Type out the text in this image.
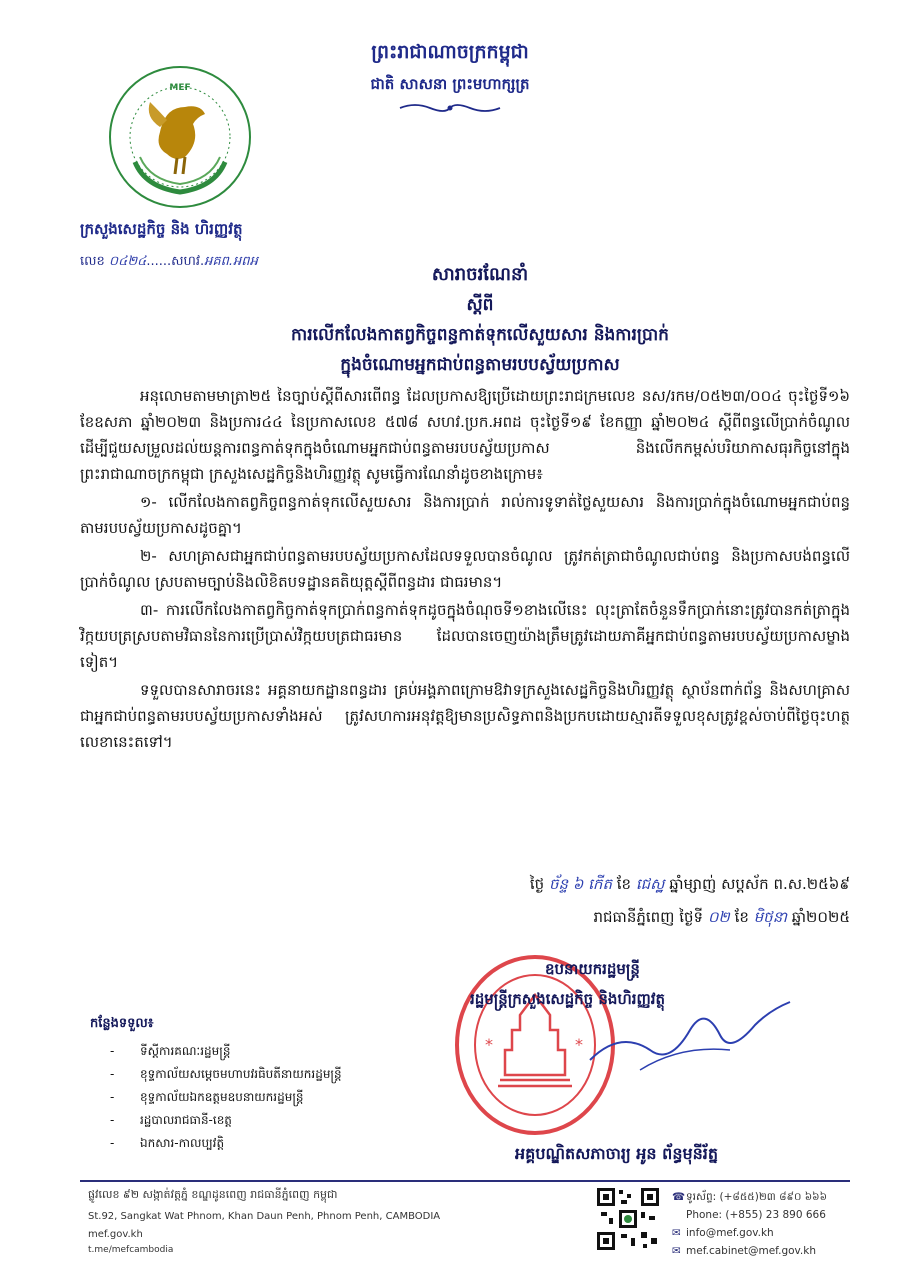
ព្រះរាជាណាចក្រកម្ពុជា
ជាតិ សាសនា ព្រះមហាក្សត្រ
MEF
ក្រសួងសេដ្ឋកិច្ច និង ហិរញ្ញវត្ថុ
លេខ ០៤២៤......សហវ.អគព.អពអ
សារាចរណែនាំ
ស្តីពី
ការលើកលែងកាតព្វកិច្ចពន្ធកាត់ទុកលើសួយសារ និងការប្រាក់
ក្នុងចំណោមអ្នកជាប់ពន្ធតាមរបបស្វ័យប្រកាស

អនុលោមតាមមាត្រា២៥ នៃច្បាប់ស្តីពីសារពើពន្ធ ដែលប្រកាសឱ្យប្រើដោយព្រះរាជក្រមលេខ នស/រកម/០៥២៣/០០៤ ចុះថ្ងៃទី១៦ ខែឧសភា ឆ្នាំ២០២៣ និងប្រការ៤៤ នៃប្រកាសលេខ ៥៧៨ សហវ.ប្រក.អពដ ចុះថ្ងៃទី១៩ ខែកញ្ញា ឆ្នាំ២០២៤ ស្តីពីពន្ធលើប្រាក់ចំណូល ដើម្បីជួយសម្រួលដល់យន្តការពន្ធកាត់ទុកក្នុងចំណោមអ្នកជាប់ពន្ធតាមរបបស្វ័យប្រកាស និងលើកកម្ពស់បរិយាកាសធុរកិច្ចនៅក្នុងព្រះរាជាណាចក្រកម្ពុជា ក្រសួងសេដ្ឋកិច្ចនិងហិរញ្ញវត្ថុ សូមធ្វើការណែនាំដូចខាងក្រោម៖

១- លើកលែងកាតព្វកិច្ចពន្ធកាត់ទុកលើសួយសារ និងការប្រាក់ រាល់ការទូទាត់ថ្លៃសួយសារ និងការប្រាក់ក្នុងចំណោមអ្នកជាប់ពន្ធតាមរបបស្វ័យប្រកាសដូចគ្នា។

២- សហគ្រាសជាអ្នកជាប់ពន្ធតាមរបបស្វ័យប្រកាសដែលទទួលបានចំណូល ត្រូវកត់ត្រាជាចំណូលជាប់ពន្ធ និងប្រកាសបង់ពន្ធលើប្រាក់ចំណូល ស្របតាមច្បាប់និងលិខិតបទដ្ឋានគតិយុត្តស្តីពីពន្ធដារ ជាធរមាន។

៣- ការលើកលែងកាតព្វកិច្ចកាត់ទុកប្រាក់ពន្ធកាត់ទុកដូចក្នុងចំណុចទី១ខាងលើនេះ លុះត្រាតែចំនួនទឹកប្រាក់នោះត្រូវបានកត់ត្រាក្នុងវិក្កយបត្រស្របតាមវិធាននៃការប្រើប្រាស់វិក្កយបត្រជាធរមាន ដែលបានចេញយ៉ាងត្រឹមត្រូវដោយភាគីអ្នកជាប់ពន្ធតាមរបបស្វ័យប្រកាសម្ខាងទៀត។

ទទួលបានសារាចរនេះ អគ្គនាយកដ្ឋានពន្ធដារ គ្រប់អង្គភាពក្រោមឱវាទក្រសួងសេដ្ឋកិច្ចនិងហិរញ្ញវត្ថុ ស្ថាប័នពាក់ព័ន្ធ និងសហគ្រាសជាអ្នកជាប់ពន្ធតាមរបបស្វ័យប្រកាសទាំងអស់ ត្រូវសហការអនុវត្តឱ្យមានប្រសិទ្ធភាពនិងប្រកបដោយស្មារតីទទួលខុសត្រូវខ្ពស់ចាប់ពីថ្ងៃចុះហត្ថលេខានេះតទៅ។

ថ្ងៃ ច័ន្ទ ៦ កើត ខែ ជេស្ឋ ឆ្នាំម្សាញ់ សប្តស័ក ព.ស.២៥៦៩
រាជធានីភ្នំពេញ ថ្ងៃទី ០២ ខែ មិថុនា ឆ្នាំ២០២៥
*	*
ឧបនាយករដ្ឋមន្ត្រី
រដ្ឋមន្ត្រីក្រសួងសេដ្ឋកិច្ច និងហិរញ្ញវត្ថុ
អគ្គបណ្ឌិតសភាចារ្យ អូន ព័ន្ធមុនីរ័ត្ន
កន្លែងទទួល៖
- ទីស្តីការគណៈរដ្ឋមន្ត្រី
- ខុទ្ទកាល័យសម្តេចមហាបវរធិបតីនាយករដ្ឋមន្ត្រី
- ខុទ្ទកាល័យឯកឧត្តមឧបនាយករដ្ឋមន្ត្រី
- រដ្ឋបាលរាជធានី-ខេត្ត
- ឯកសារ-កាលប្បវត្តិ
ផ្លូវលេខ ៩២ សង្កាត់វត្តភ្នំ ខណ្ឌដូនពេញ រាជធានីភ្នំពេញ កម្ពុជា
St.92, Sangkat Wat Phnom, Khan Daun Penh, Phnom Penh, CAMBODIA
mef.gov.kh
t.me/mefcambodia
☎ទូរស័ព្ទ: (+៨៥៥)២៣ ៨៩០ ៦៦៦
Phone: (+855) 23 890 666
✉ info@mef.gov.kh
✉ mef.cabinet@mef.gov.kh
